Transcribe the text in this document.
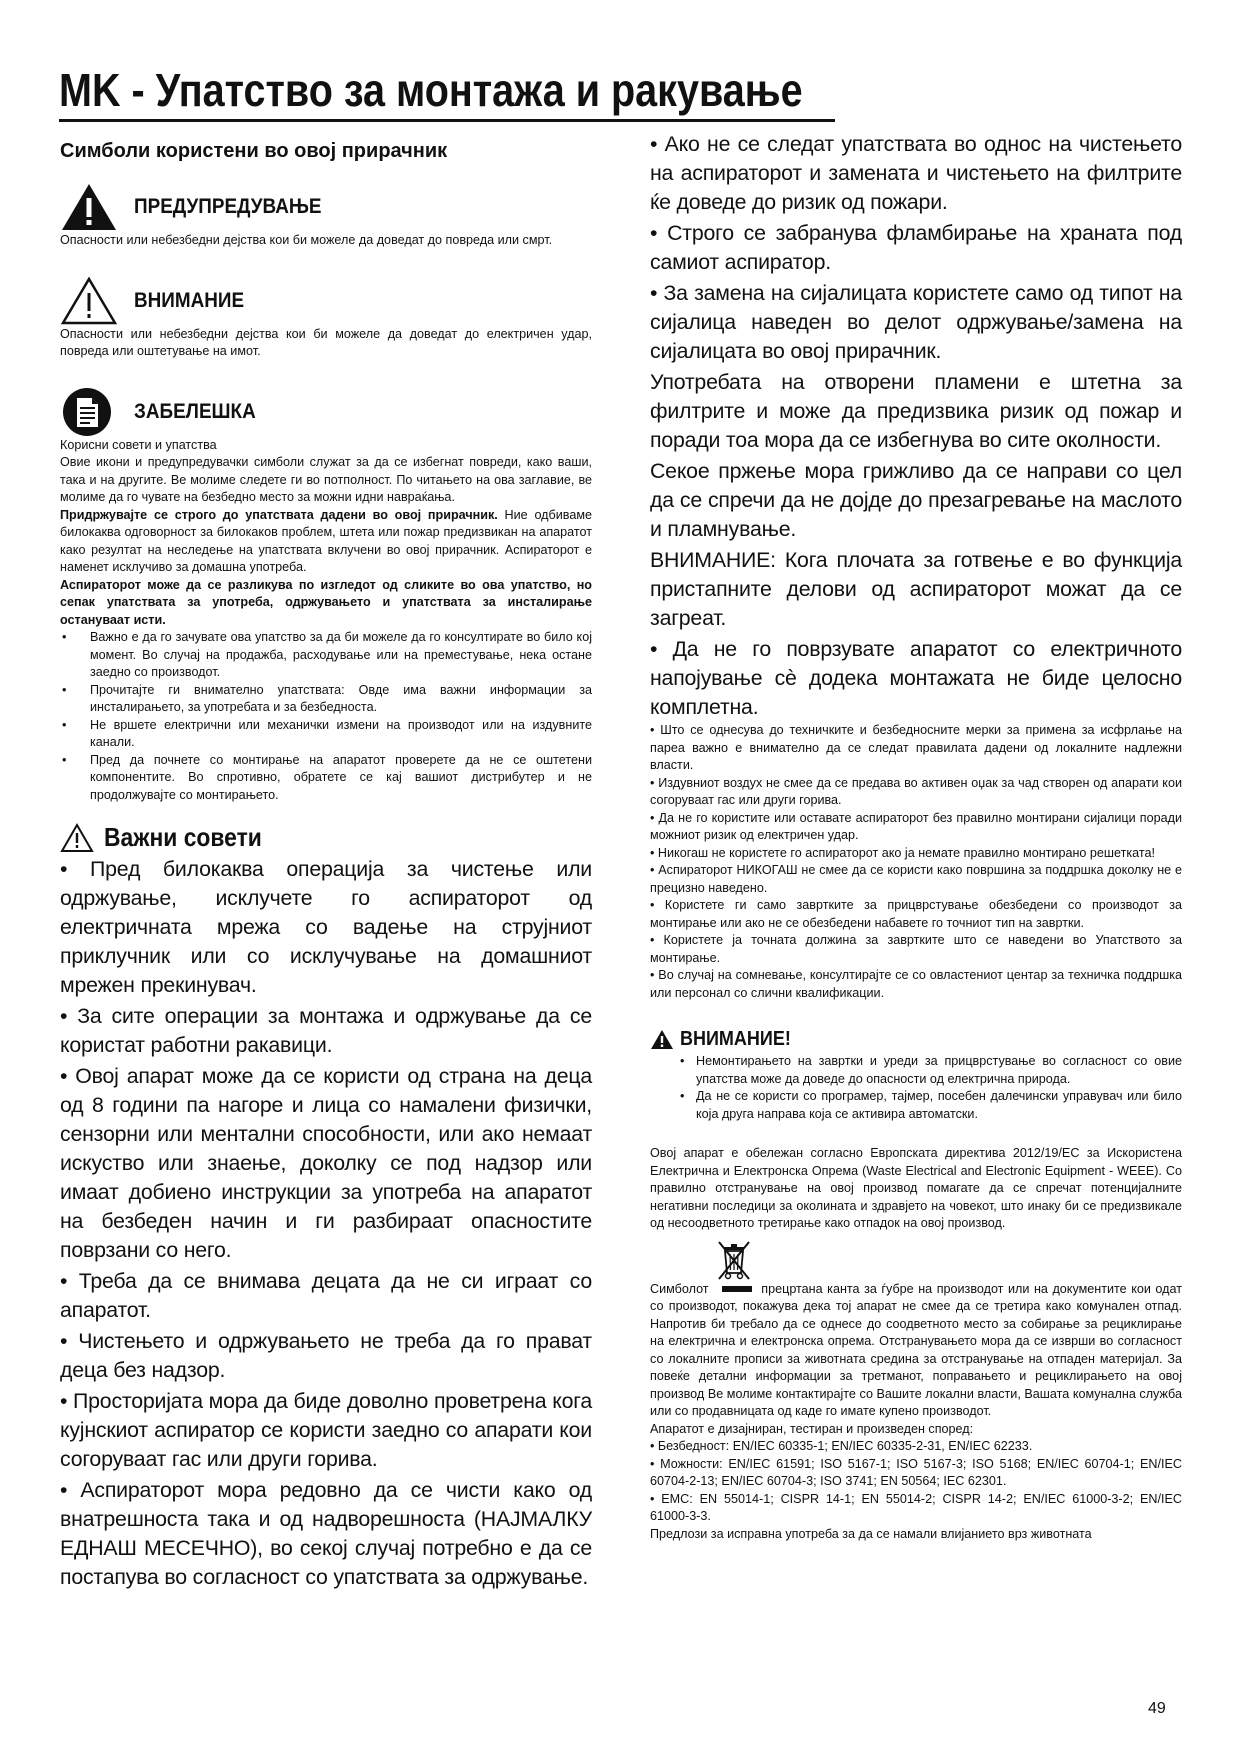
MK - Упатство за монтажа и ракување
Симболи користени во овој прирачник
ПРЕДУПРЕДУВАЊЕ

Опасности или небезбедни дејства кои би можеле да доведат до повреда или смрт.

ВНИМАНИЕ

Опасности или небезбедни дејства кои би можеле да доведат до електричен удар, повреда или оштетување на имот.

ЗАБЕЛЕШКА

Корисни совети и упатства

Овие икони и предупредувачки симболи служат за да се избегнат повреди, како ваши, така и на другите. Ве молиме следете ги во потполност. По читањето на ова заглавие, ве молиме да го чувате на безбедно место за можни идни навраќања.

Придржувајте се строго до упатствата дадени во овој прирачник. Ние одбиваме билокаква одговорност за билокаков проблем, штета или пожар предизвикан на апаратот како резултат на неследење на упатствата вклучени во овој прирачник. Аспираторот е наменет исклучиво за домашна употреба.

Аспираторот може да се разликува по изгледот од сликите во ова упатство, но сепак упатствата за употреба, одржувањето и упатствата за инсталирање остануваат исти.

• Важно е да го зачувате ова упатство за да би можеле да го консултирате во било кој момент. Во случај на продажба, расходување или на преместување, нека остане заедно со производот.
• Прочитајте ги внимателно упатствата: Овде има важни информации за инсталирањето, за употребата и за безбедноста.
• Не вршете електрични или механички измени на производот или на издувните канали.
• Пред да почнете со монтирање на апаратот проверете да не се оштетени компонентите. Во спротивно, обратете се кај вашиот дистрибутер и не продолжувајте со монтирањето.
Важни совети

• Пред билокаква операција за чистење или одржување, исклучете го аспираторот од електричната мрежа со вадење на струјниот приклучник или со исклучување на домашниот мрежен прекинувач.

• За сите операции за монтажа и одржување да се користат работни ракавици.

• Овој апарат може да се користи од страна на деца од 8 години па нагоре и лица со намалени физички, сензорни или ментални способности, или ако немаат искуство или знаење, доколку се под надзор или имаат добиено инструкции за употреба на апаратот на безбеден начин и ги разбираат опасностите поврзани со него.

• Треба да се внимава децата да не си играат со апаратот.

• Чистењето и одржувањето не треба да го прават деца без надзор.

• Просторијата мора да биде доволно проветрена кога кујнскиот аспиратор се користи заедно со апарати кои согоруваат гас или други горива.

• Аспираторот мора редовно да се чисти како од внатрешноста така и од надворешноста (НАЈМАЛКУ ЕДНАШ МЕСЕЧНО), во секој случај потребно е да се постапува во согласност со упатствата за одржување.

• Ако не се следат упатствата во однос на чистењето на аспираторот и замената и чистењето на филтрите ќе доведе до ризик од пожари.

• Строго се забранува фламбирање на храната под самиот аспиратор.

• За замена на сијалицата користете само од типот на сијалица наведен во делот одржување/замена на сијалицата во овој прирачник.

Употребата на отворени пламени е штетна за филтрите и може да предизвика ризик од пожар и поради тоа мора да се избегнува во сите околности.

Секое пржење мора грижливо да се направи со цел да се спречи да не дојде до презагревање на маслото и пламнување.

ВНИМАНИЕ: Кога плочата за готвење е во функција пристапните делови од аспираторот можат да се загреат.

• Да не го поврзувате апаратот со електричното напојување сè додека монтажата не биде целосно комплетна.

• Што се однесува до техничките и безбедносните мерки за примена за исфрлање на пареа важно е внимателно да се следат правилата дадени од локалните надлежни власти.

• Издувниот воздух не смее да се предава во активен оџак за чад створен од апарати кои согоруваат гас или други горива.

• Да не го користите или оставате аспираторот без правилно монтирани сијалици поради можниот ризик од електричен удар.

• Никогаш не користете го аспираторот ако ја немате правилно монтирано решетката!

• Аспираторот НИКОГАШ не смее да се користи како површина за поддршка доколку не е прецизно наведено.

• Користете ги само завртките за прицврстување обезбедени со производот за монтирање или ако не се обезбедени набавете го точниот тип на завртки.

• Користете ја точната должина за завртките што се наведени во Упатството за монтирање.

• Во случај на сомневање, консултирајте се со овластениот центар за техничка поддршка или персонал со слични квалификации.

ВНИМАНИЕ!
• Немонтирањето на завртки и уреди за прицврстување во согласност со овие упатства може да доведе до опасности од електрична природа.
• Да не се користи со програмер, тајмер, посебен далечински управувач или било која друга направа која се активира автоматски.

Овој апарат е обележан согласно Европската директива 2012/19/EC за Искористена Електрична и Електронска Опрема (Waste Electrical and Electronic Equipment - WEEE). Со правилно отстранување на овој производ помагате да се спречат потенцијалните негативни последици за околината и здравјето на човекот, што инаку би се предизвикале од несоодветното третирање како отпадок на овој производ.

Симболот	прецртана канта за ѓубре на производот или на документите кои одат со производот, покажува дека тој апарат не смее да се третира како комунален отпад. Напротив би требало да се однесе до соодветното место за собирање за рециклирање на електрична и електронска опрема. Отстранувањето мора да се изврши во согласност со локалните прописи за животната средина за отстранување на отпаден материјал. За повеќе детални информации за третманот, поправањето и рециклирањето на овој производ Ве молиме контактирајте со Вашите локални власти, Вашата комунална служба или со продавницата од каде го имате купено производот.

Апаратот е дизајниран, тестиран и произведен според:

• Безбедност: EN/IEC 60335-1; EN/IEC 60335-2-31, EN/IEC 62233.

• Можности: EN/IEC 61591; ISO 5167-1; ISO 5167-3; ISO 5168; EN/IEC 60704-1; EN/IEC 60704-2-13; EN/IEC 60704-3; ISO 3741; EN 50564; IEC 62301.

• EMC: EN 55014-1; CISPR 14-1; EN 55014-2; CISPR 14-2; EN/IEC 61000-3-2; EN/IEC 61000-3-3.

Предлози за исправна употреба за да се намали влијанието врз животната

49
